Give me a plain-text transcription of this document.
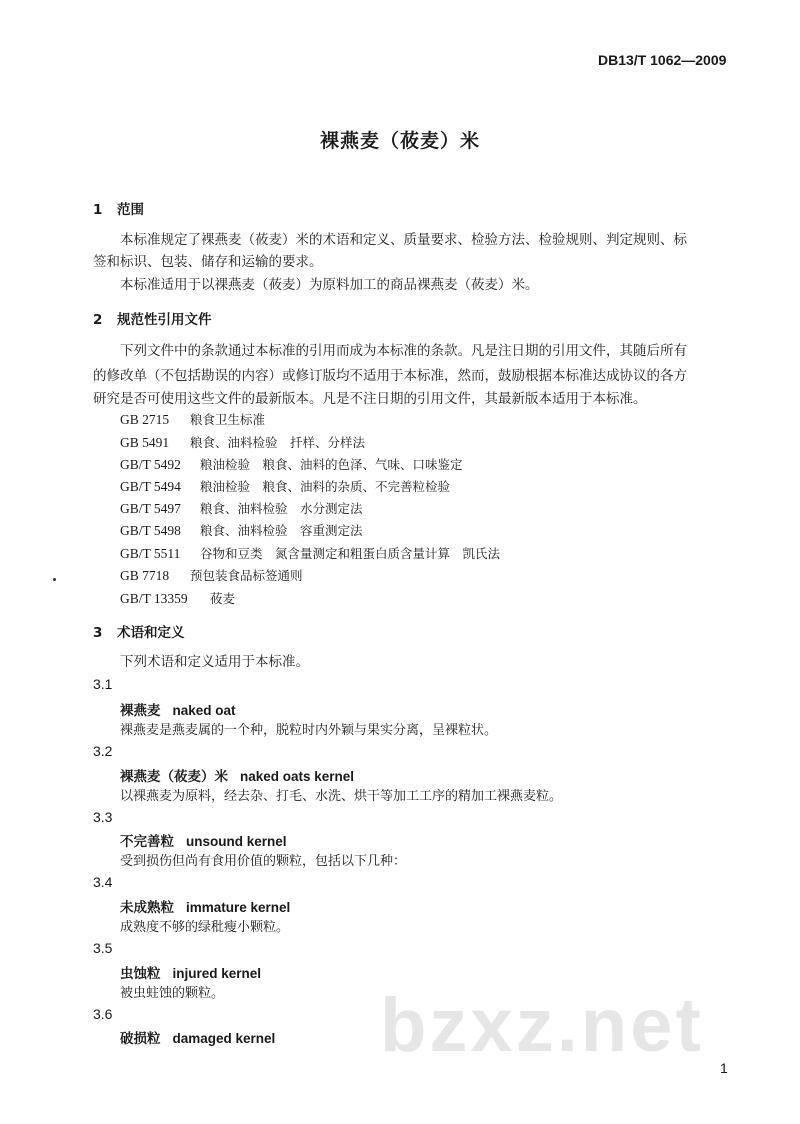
DB13/T 1062—2009
裸燕麦（莜麦）米
1 范围
本标准规定了裸燕麦（莜麦）米的术语和定义、质量要求、检验方法、检验规则、判定规则、标
签和标识、包装、储存和运输的要求。
本标准适用于以裸燕麦（莜麦）为原料加工的商品裸燕麦（莜麦）米。
2 规范性引用文件
下列文件中的条款通过本标准的引用而成为本标准的条款。凡是注日期的引用文件，其随后所有
的修改单（不包括勘误的内容）或修订版均不适用于本标准，然而，鼓励根据本标准达成协议的各方
研究是否可使用这些文件的最新版本。凡是不注日期的引用文件，其最新版本适用于本标准。
GB 2715 粮食卫生标准
GB 5491 粮食、油料检验　扦样、分样法
GB/T 5492 粮油检验　粮食、油料的色泽、气味、口味鉴定
GB/T 5494 粮油检验　粮食、油料的杂质、不完善粒检验
GB/T 5497 粮食、油料检验　水分测定法
GB/T 5498 粮食、油料检验　容重测定法
GB/T 5511 谷物和豆类　氮含量测定和粗蛋白质含量计算　凯氏法
GB 7718 预包装食品标签通则
GB/T 13359 莜麦
3 术语和定义
下列术语和定义适用于本标准。
3.1
裸燕麦 naked oat
裸燕麦是燕麦属的一个种，脱粒时内外颖与果实分离，呈裸粒状。
3.2
裸燕麦（莜麦）米 naked oats kernel
以裸燕麦为原料，经去杂、打毛、水洗、烘干等加工工序的精加工裸燕麦粒。
3.3
不完善粒 unsound kernel
受到损伤但尚有食用价值的颗粒，包括以下几种：
3.4
未成熟粒 immature kernel
成熟度不够的绿秕瘦小颗粒。
3.5
虫蚀粒 injured kernel
被虫蛀蚀的颗粒。
3.6
破损粒 damaged kernel bzxz.net 1
